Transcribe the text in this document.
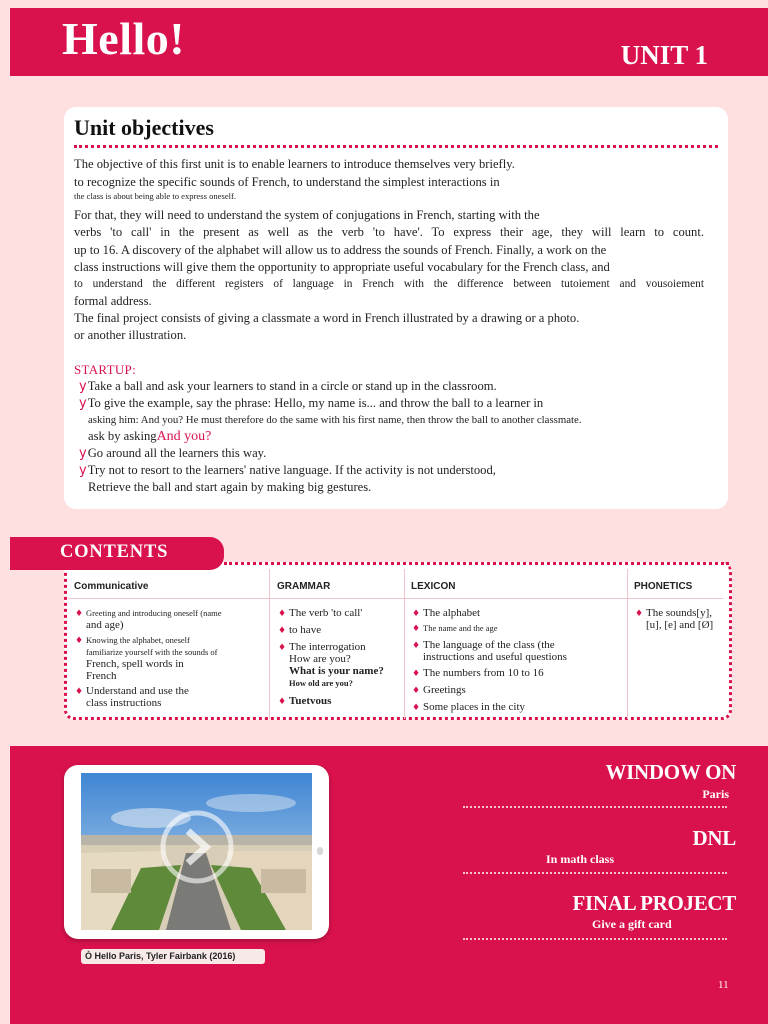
Hello!	UNIT 1
Unit objectives
The objective of this first unit is to enable learners to introduce themselves very briefly.
to recognize the specific sounds of French, to understand the simplest interactions in
the class is about being able to express oneself.
For that, they will need to understand the system of conjugations in French, starting with the
verbs 'to call' in the present as well as the verb 'to have'. To express their age, they will learn to count.
up to 16. A discovery of the alphabet will allow us to address the sounds of French. Finally, a work on the
class instructions will give them the opportunity to appropriate useful vocabulary for the French class, and
to understand the different registers of language in French with the difference between tutoiement and vousoiement
formal address.
The final project consists of giving a classmate a word in French illustrated by a drawing or a photo.
or another illustration.
STARTUP:
yTake a ball and ask your learners to stand in a circle or stand up in the classroom.
yTo give the example, say the phrase: Hello, my name is... and throw the ball to a learner in
asking him: And you? He must therefore do the same with his first name, then throw the ball to another classmate.
ask by askingAnd you?
yGo around all the learners this way.
yTry not to resort to the learners' native language. If the activity is not understood,
Retrieve the ball and start again by making big gestures.
CONTENTS
Communicative
♦ Greeting and introducing oneself (name
and age)
♦ Knowing the alphabet, oneself
familiarize yourself with the sounds of
French, spell words in
French
♦ Understand and use the
class instructions
GRAMMAR
♦ The verb 'to call'
♦ to have
♦ The interrogation
How are you?
What is your name?
How old are you?
♦ Tuetvous
LEXICON
♦ The alphabet
♦ The name and the age
♦ The language of the class (the
instructions and useful questions
♦ The numbers from 10 to 16
♦ Greetings
♦ Some places in the city
PHONETICS
♦ The sounds[y],
[u], [e] and [Ø]
Ò Hello Paris, Tyler Fairbank (2016)
WINDOW ON
Paris
DNL
In math class
FINAL PROJECT
Give a gift card
11
